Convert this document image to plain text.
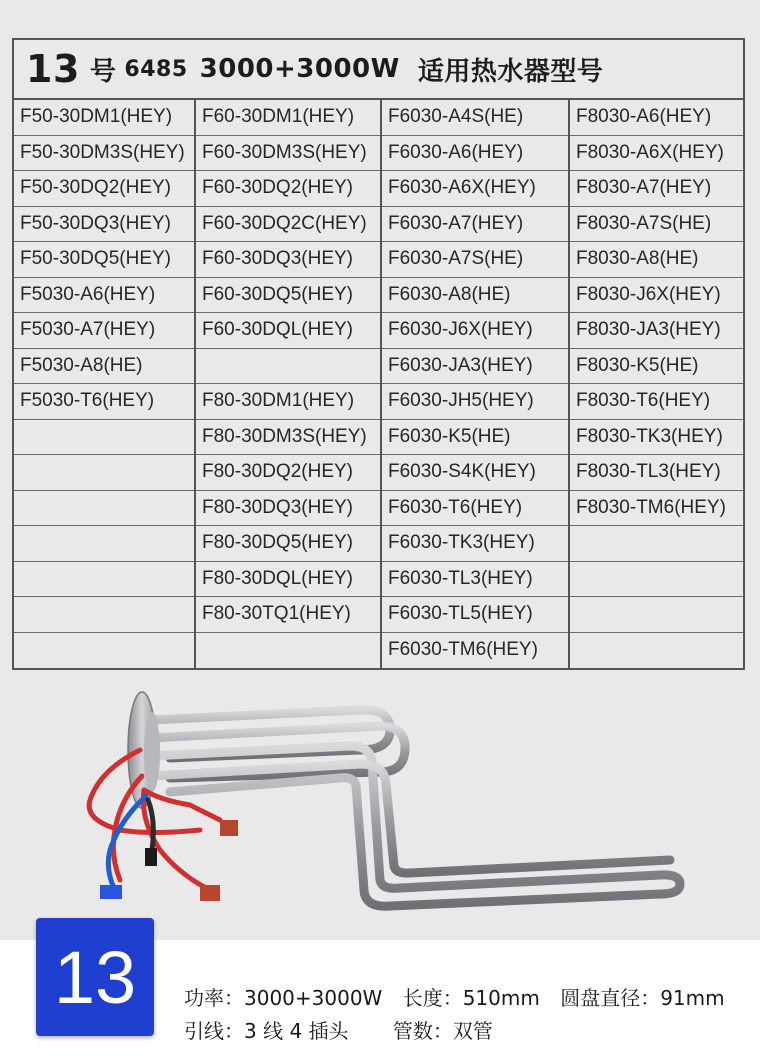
13 号 6485 3000+3000W 适用热水器型号
F50-30DM1(HEY)
F50-30DM3S(HEY)
F50-30DQ2(HEY)
F50-30DQ3(HEY)
F50-30DQ5(HEY)
F5030-A6(HEY)
F5030-A7(HEY)
F5030-A8(HE)
F5030-T6(HEY)
F60-30DM1(HEY)
F60-30DM3S(HEY)
F60-30DQ2(HEY)
F60-30DQ2C(HEY)
F60-30DQ3(HEY)
F60-30DQ5(HEY)
F60-30DQL(HEY)
F80-30DM1(HEY)
F80-30DM3S(HEY)
F80-30DQ2(HEY)
F80-30DQ3(HEY)
F80-30DQ5(HEY)
F80-30DQL(HEY)
F80-30TQ1(HEY)
F6030-A4S(HE)
F6030-A6(HEY)
F6030-A6X(HEY)
F6030-A7(HEY)
F6030-A7S(HE)
F6030-A8(HE)
F6030-J6X(HEY)
F6030-JA3(HEY)
F6030-JH5(HEY)
F6030-K5(HE)
F6030-S4K(HEY)
F6030-T6(HEY)
F6030-TK3(HEY)
F6030-TL3(HEY)
F6030-TL5(HEY)
F6030-TM6(HEY)
F8030-A6(HEY)
F8030-A6X(HEY)
F8030-A7(HEY)
F8030-A7S(HE)
F8030-A8(HE)
F8030-J6X(HEY)
F8030-JA3(HEY)
F8030-K5(HE)
F8030-T6(HEY)
F8030-TK3(HEY)
F8030-TL3(HEY)
F8030-TM6(HEY)
13	功率：3000+3000W 长度：510mm 圆盘直径：91mm
引线：3 线 4 插头 管数：双管
